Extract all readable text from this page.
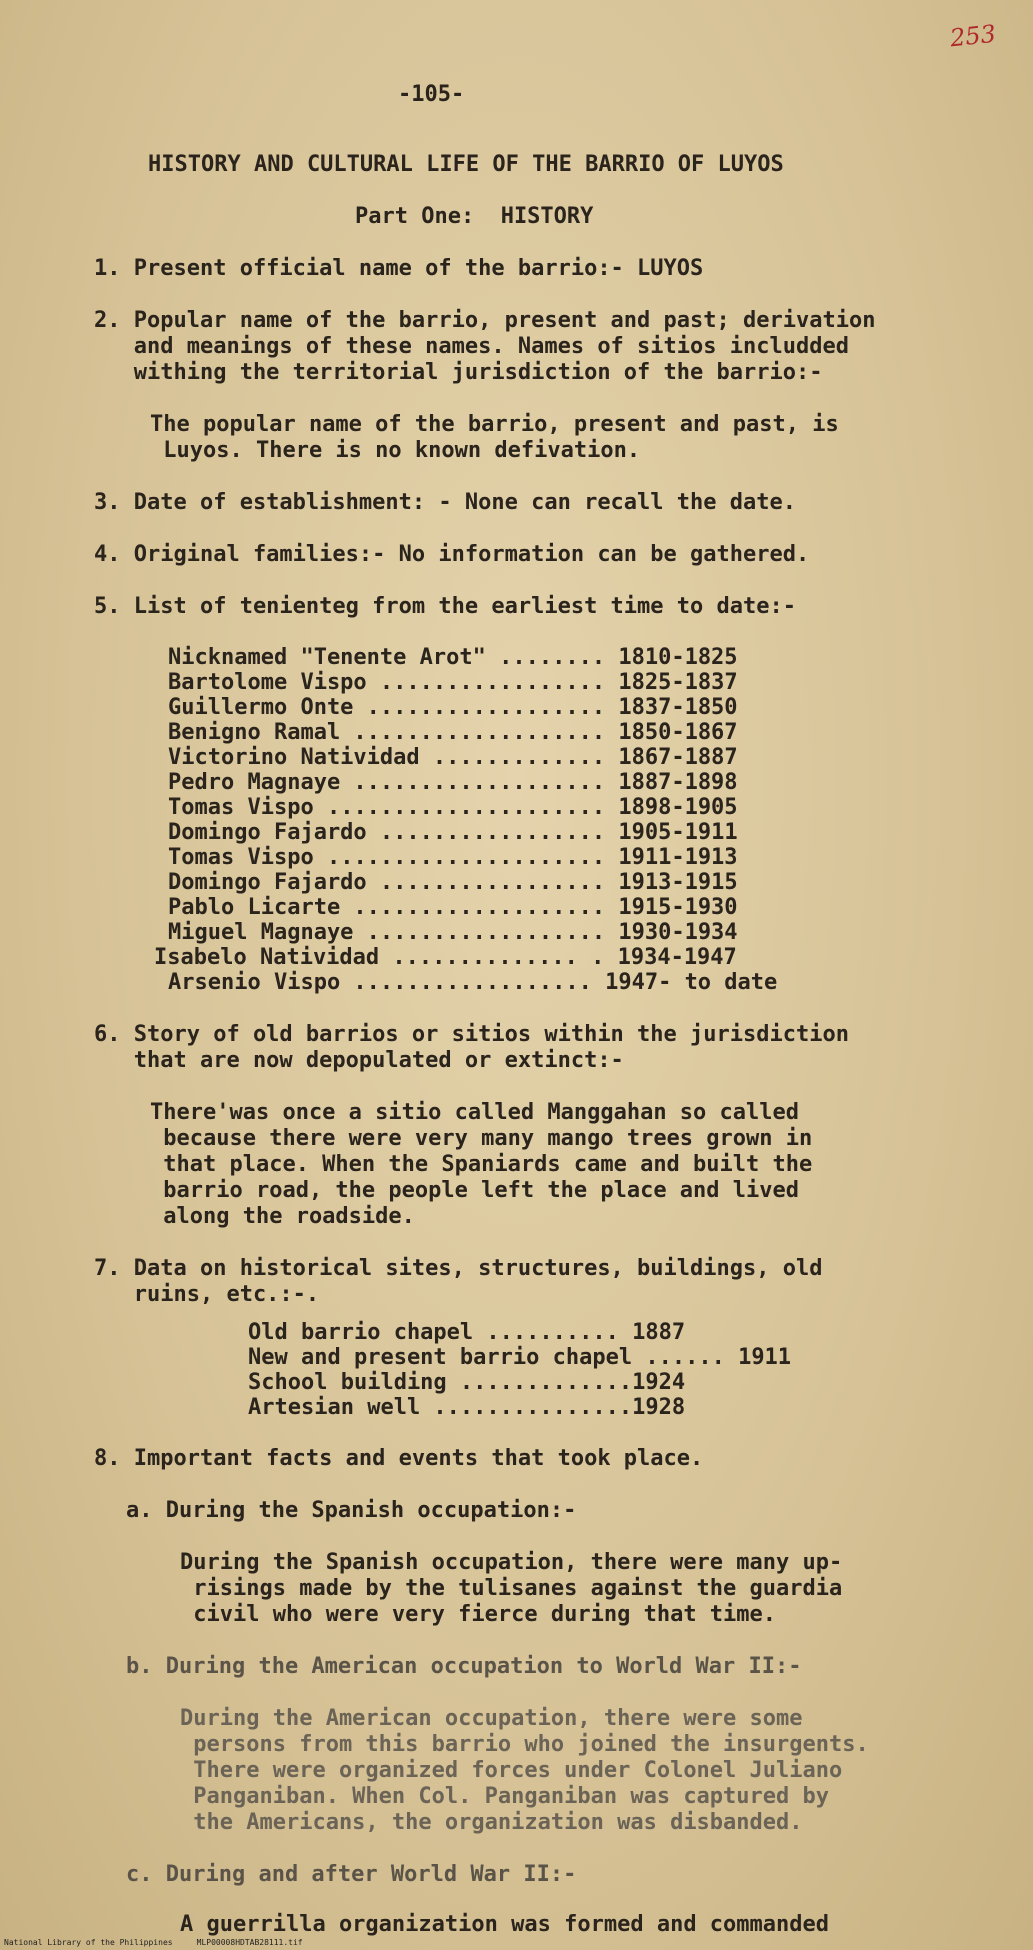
253
-105-
HISTORY AND CULTURAL LIFE OF THE BARRIO OF LUYOS
Part One:  HISTORY
1. Present official name of the barrio:- LUYOS
2. Popular name of the barrio, present and past; derivation
and meanings of these names. Names of sitios includded
withing the territorial jurisdiction of the barrio:-
The popular name of the barrio, present and past, is
Luyos. There is no known defivation.
3. Date of establishment: - None can recall the date.
4. Original families:- No information can be gathered.
5. List of tenienteg from the earliest time to date:-
Nicknamed "Tenente Arot" ........ 1810-1825
Bartolome Vispo ................. 1825-1837
Guillermo Onte .................. 1837-1850
Benigno Ramal ................... 1850-1867
Victorino Natividad ............. 1867-1887
Pedro Magnaye ................... 1887-1898
Tomas Vispo ..................... 1898-1905
Domingo Fajardo ................. 1905-1911
Tomas Vispo ..................... 1911-1913
Domingo Fajardo ................. 1913-1915
Pablo Licarte ................... 1915-1930
Miguel Magnaye .................. 1930-1934
Isabelo Natividad .............. . 1934-1947
Arsenio Vispo .................. 1947- to date
6. Story of old barrios or sitios within the jurisdiction
that are now depopulated or extinct:-
There'was once a sitio called Manggahan so called
because there were very many mango trees grown in
that place. When the Spaniards came and built the
barrio road, the people left the place and lived
along the roadside.
7. Data on historical sites, structures, buildings, old
ruins, etc.:-.
Old barrio chapel .......... 1887
New and present barrio chapel ...... 1911
School building .............1924
Artesian well ...............1928
8. Important facts and events that took place.
a. During the Spanish occupation:-
During the Spanish occupation, there were many up-
risings made by the tulisanes against the guardia
civil who were very fierce during that time.
b. During the American occupation to World War II:-
During the American occupation, there were some
persons from this barrio who joined the insurgents.
There were organized forces under Colonel Juliano
Panganiban. When Col. Panganiban was captured by
the Americans, the organization was disbanded.
c. During and after World War II:-
A guerrilla organization was formed and commanded
National Library of the Philippines     MLP00008HDTAB28111.tif
